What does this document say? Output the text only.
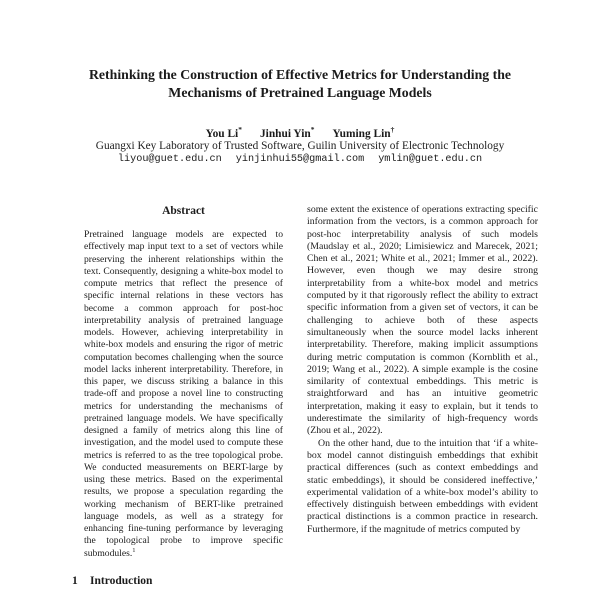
Rethinking the Construction of Effective Metrics for Understanding the
Mechanisms of Pretrained Language Models
You Li* Jinhui Yin* Yuming Lin†
Guangxi Key Laboratory of Trusted Software, Guilin University of Electronic Technology
liyou@guet.edu.cn yinjinhui55@gmail.com ymlin@guet.edu.cn
Abstract

Pretrained language models are expected to effectively map input text to a set of vectors while preserving the inherent relationships within the text. Consequently, designing a white-box model to compute metrics that reflect the presence of specific internal relations in these vectors has become a common approach for post-hoc interpretability analysis of pretrained language models. However, achieving interpretability in white-box models and ensuring the rigor of metric computation becomes challenging when the source model lacks inherent interpretability. Therefore, in this paper, we discuss striking a balance in this trade-off and propose a novel line to constructing metrics for understanding the mechanisms of pretrained language models. We have specifically designed a family of metrics along this line of investigation, and the model used to compute these metrics is referred to as the tree topological probe. We conducted measurements on BERT-large by using these metrics. Based on the experimental results, we propose a speculation regarding the working mechanism of BERT-like pretrained language models, as well as a strategy for enhancing fine-tuning performance by leveraging the topological probe to improve specific submodules.$^1$

1 Introduction

some extent the existence of operations extracting specific information from the vectors, is a common approach for post-hoc interpretability analysis of such models (Maudslay et al., 2020; Limisiewicz and Marecek, 2021; Chen et al., 2021; White et al., 2021; Immer et al., 2022). However, even though we may desire strong interpretability from a white-box model and metrics computed by it that rigorously reflect the ability to extract specific information from a given set of vectors, it can be challenging to achieve both of these aspects simultaneously when the source model lacks inherent interpretability. Therefore, making implicit assumptions during metric computation is common (Kornblith et al., 2019; Wang et al., 2022). A simple example is the cosine similarity of contextual embeddings. This metric is straightforward and has an intuitive geometric interpretation, making it easy to explain, but it tends to underestimate the similarity of high-frequency words (Zhou et al., 2022).

On the other hand, due to the intuition that ‘if a white-box model cannot distinguish embeddings that exhibit practical differences (such as context embeddings and static embeddings), it should be considered ineffective,’ experimental validation of a white-box model’s ability to effectively distinguish between embeddings with evident practical distinctions is a common practice in research. Furthermore, if the magnitude of metrics computed by
